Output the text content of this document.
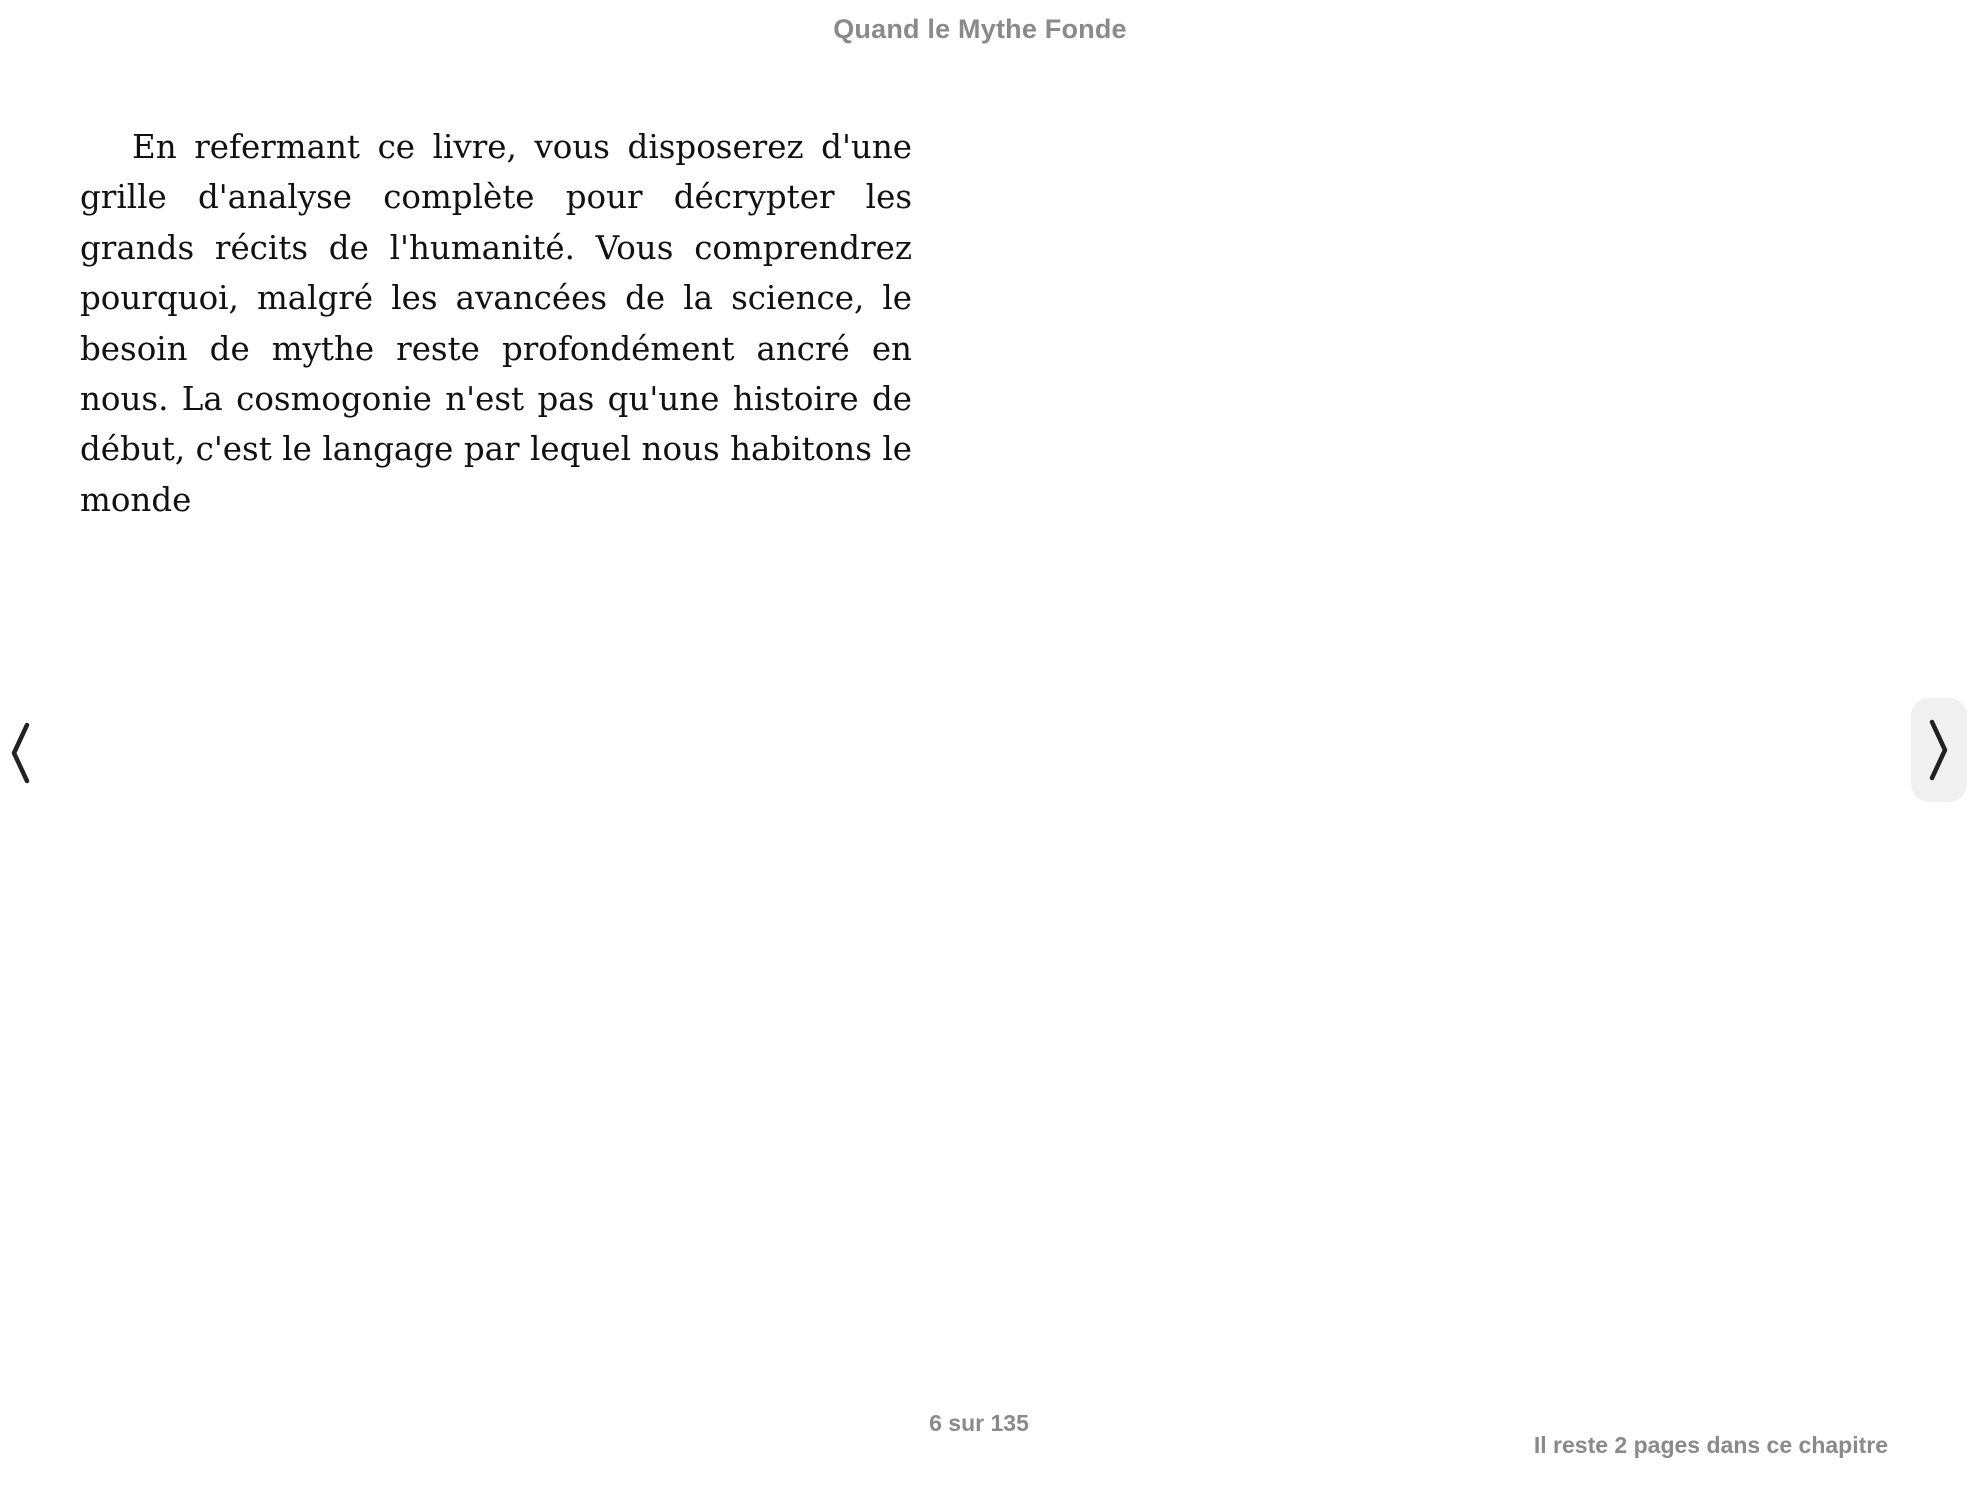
Quand le Mythe Fonde

En refermant ce livre, vous disposerez d'une grille d'analyse complète pour décrypter les grands récits de l'humanité. Vous comprendrez pourquoi, malgré les avancées de la science, le besoin de mythe reste profondément ancré en nous. La cosmogonie n'est pas qu'une histoire de début, c'est le langage par lequel nous habitons le monde

6 sur 135
Il reste 2 pages dans ce chapitre
